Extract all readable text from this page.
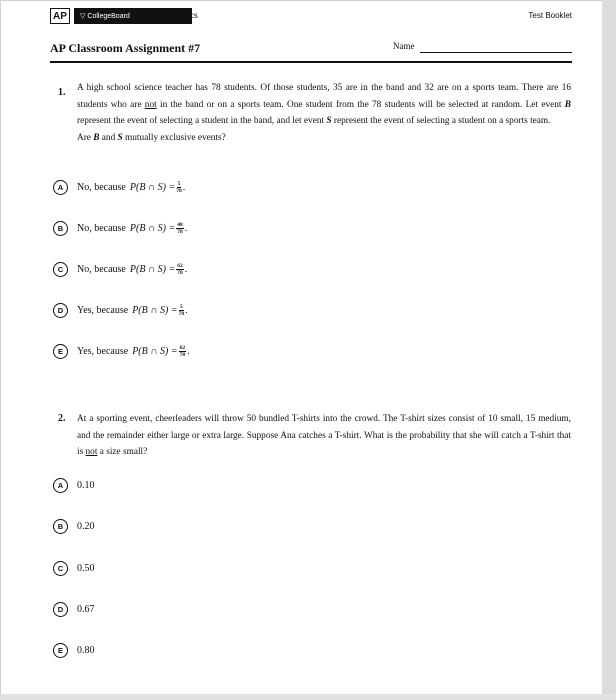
AP ▽ CollegeBoard	AP Statistics	Test Booklet
AP Classroom Assignment #7	Name
1. A high school science teacher has 78 students. Of those students, 35 are in the band and 32 are on a sports team. There are 16 students who are not in the band or on a sports team. One student from the 78 students will be selected at random. Let event B represent the event of selecting a student in the band, and let event S represent the event of selecting a student on a sports team.
Are B and S mutually exclusive events?
A	No, because P(B ∩ $S) = \frac{5}{78}$ .
B	No, because P(B ∩ $S) = \frac{48}{78}$ .
C	No, because P(B ∩ $S) = \frac{62}{78}$ .
D	Yes, because P(B ∩ $S) = \frac{5}{78}$ .
E	Yes, because P(B ∩ $S) = \frac{62}{78}$ .
2. At a sporting event, cheerleaders will throw 50 bundled T-shirts into the crowd. The T-shirt sizes consist of 10 small, 15 medium, and the remainder either large or extra large. Suppose Ana catches a T-shirt. What is the probability that she will catch a T-shirt that is not a size small?
A	0.10
B	0.20
C	0.50
D	0.67
E	0.80
